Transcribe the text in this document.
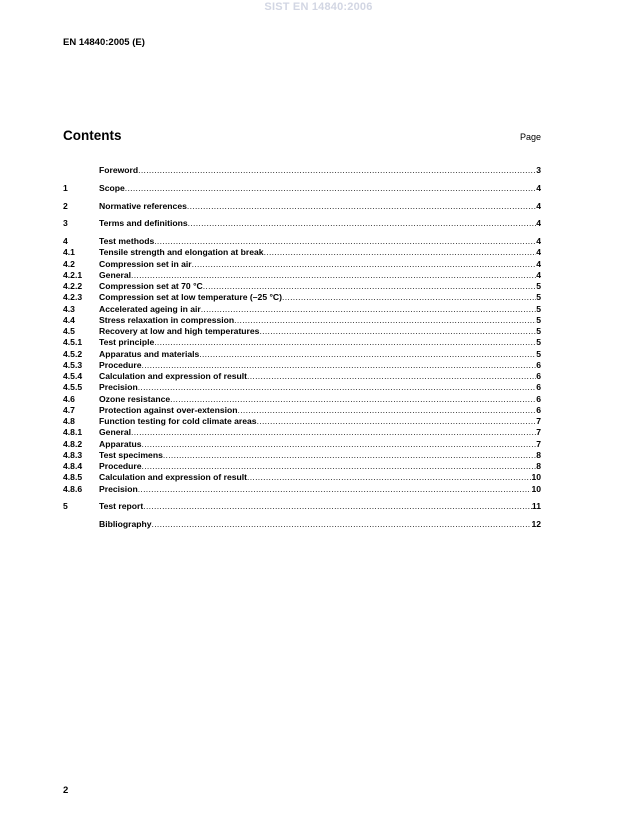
SIST EN 14840:2006
EN 14840:2005 (E)
Contents	Page
Foreword .....	3
1	Scope .....	4
2	Normative references .....	4
3	Terms and definitions .....	4
4	Test methods .....	4
4.1	Tensile strength and elongation at break .....	4
4.2	Compression set in air .....	4
4.2.1	General .....	4
4.2.2	Compression set at 70 °C .....	5
4.2.3	Compression set at low temperature (–25 °C) .....	5
4.3	Accelerated ageing in air .....	5
4.4	Stress relaxation in compression .....	5
4.5	Recovery at low and high temperatures .....	5
4.5.1	Test principle .....	5
4.5.2	Apparatus and materials .....	5
4.5.3	Procedure .....	6
4.5.4	Calculation and expression of result .....	6
4.5.5	Precision .....	6
4.6	Ozone resistance .....	6
4.7	Protection against over-extension .....	6
4.8	Function testing for cold climate areas .....	7
4.8.1	General .....	7
4.8.2	Apparatus .....	7
4.8.3	Test specimens .....	8
4.8.4	Procedure .....	8
4.8.5	Calculation and expression of result .....	10
4.8.6	Precision .....	10
5	Test report .....	11
Bibliography .....	12
2
